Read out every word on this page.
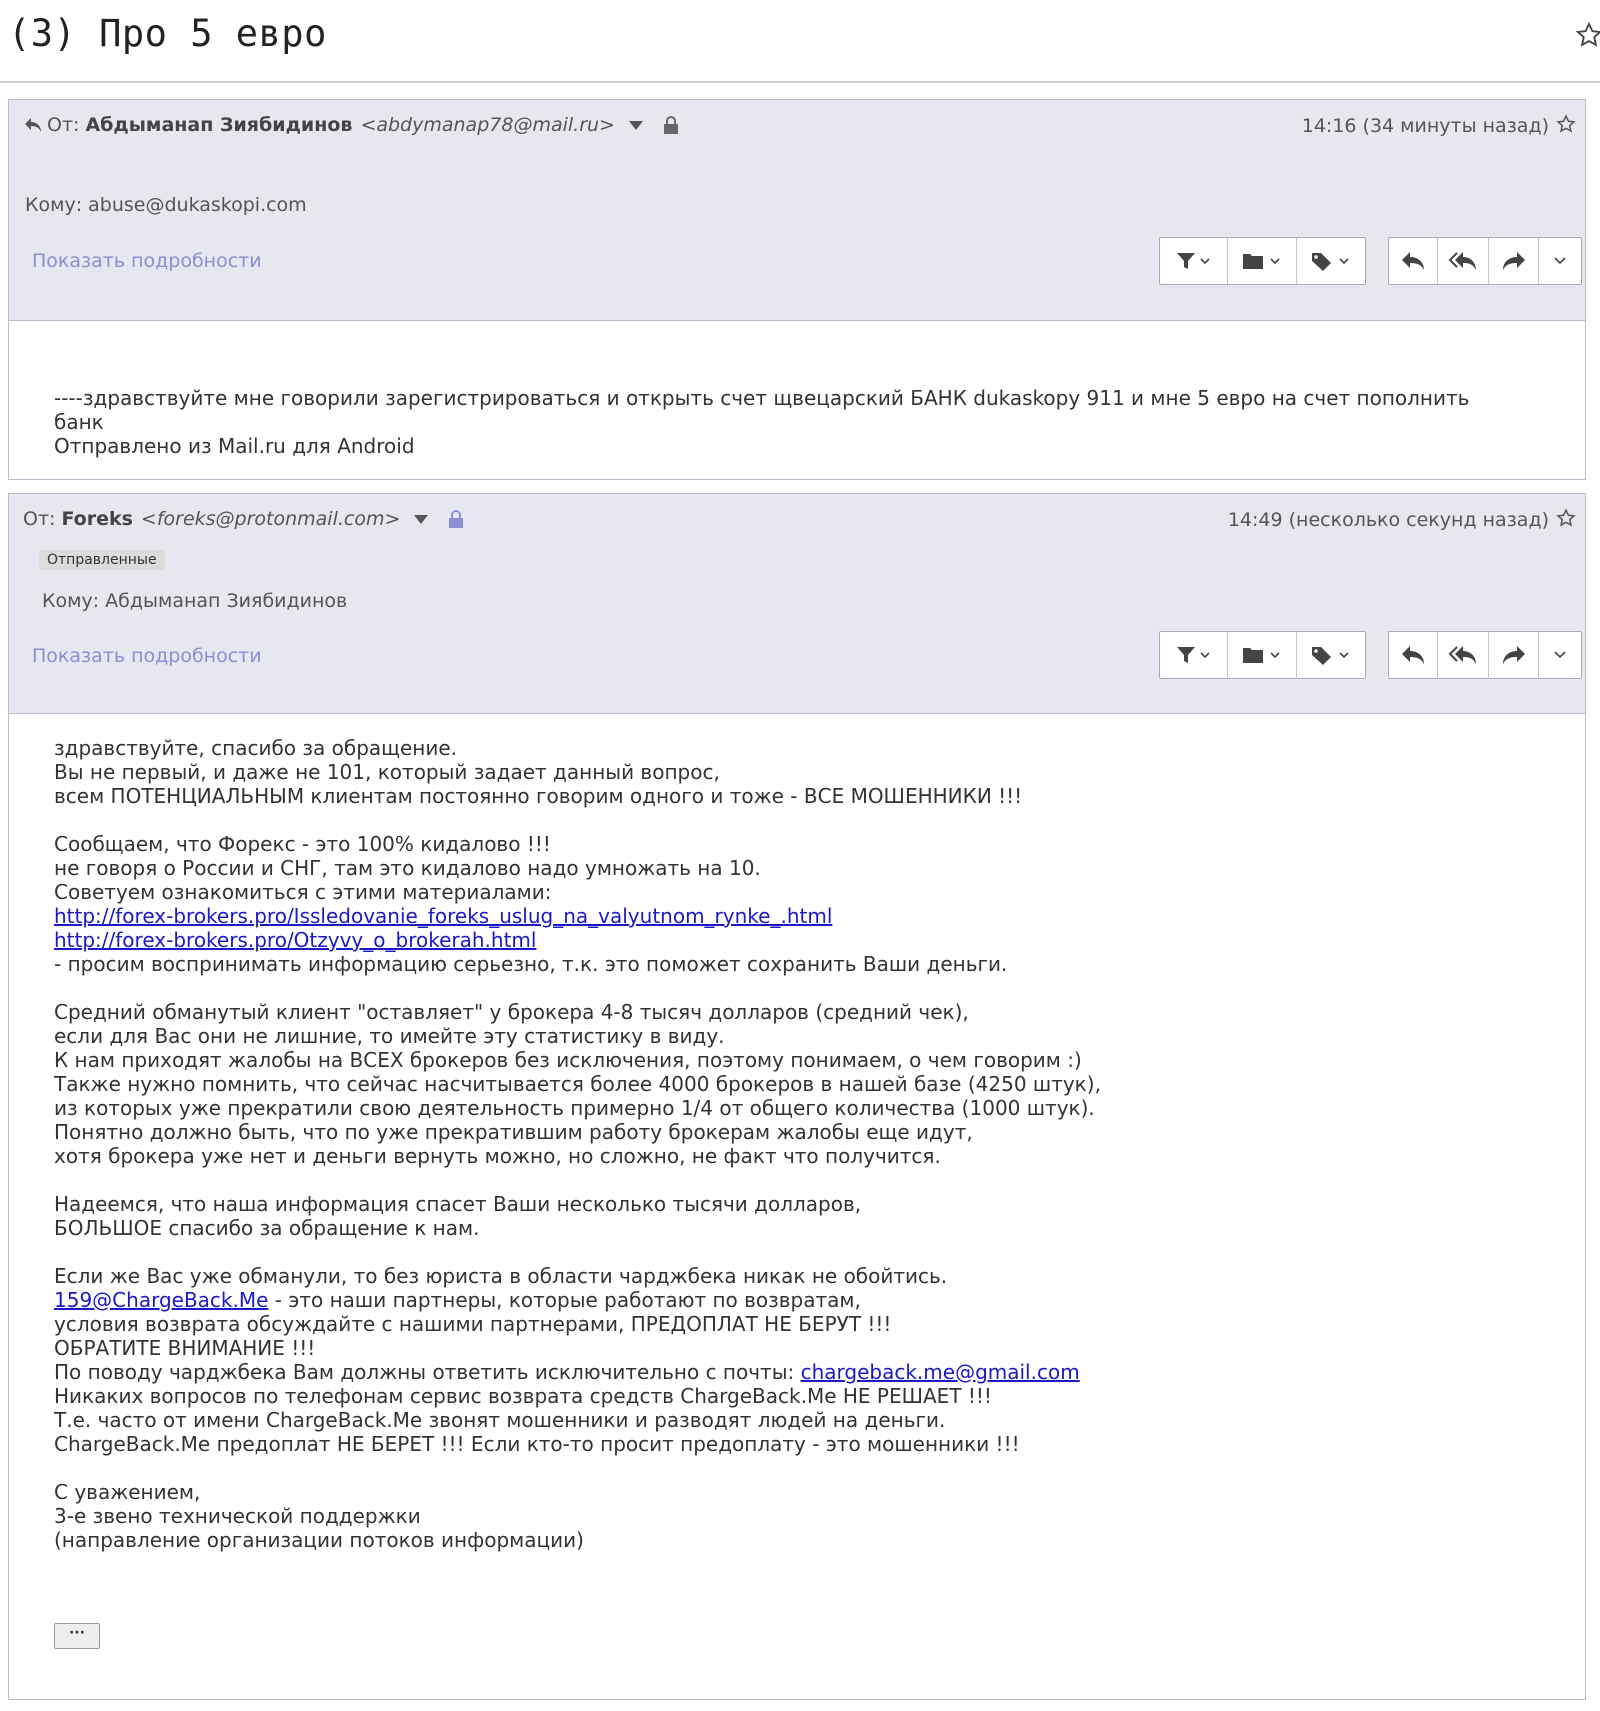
(3) Про 5 евро
От: Абдыманап Зиябидинов <abdymanap78@mail.ru>	14:16 (34 минуты назад)
Кому: abuse@dukaskopi.com
Показать подробности

----здравствуйте мне говорили зарегистрироваться и открыть счет щвецарский БАНК dukaskopy 911 и мне 5 евро на счет пополнить
банк
Отправлено из Mail.ru для Android
От: Foreks <foreks@protonmail.com>	14:49 (несколько секунд назад)
Отправленные
Кому: Абдыманап Зиябидинов
Показать подробности
здравствуйте, спасибо за обращение.
Вы не первый, и даже не 101, который задает данный вопрос,
всем ПОТЕНЦИАЛЬНЫМ клиентам постоянно говорим одного и тоже - ВСЕ МОШЕННИКИ !!!

Сообщаем, что Форекс - это 100% кидалово !!!
не говоря о России и СНГ, там это кидалово надо умножать на 10.
Советуем ознакомиться с этими материалами:
http://forex-brokers.pro/Issledovanie_foreks_uslug_na_valyutnom_rynke_.html
http://forex-brokers.pro/Otzyvy_o_brokerah.html
- просим воспринимать информацию серьезно, т.к. это поможет сохранить Ваши деньги.

Средний обманутый клиент "оставляет" у брокера 4-8 тысяч долларов (средний чек),
если для Вас они не лишние, то имейте эту статистику в виду.
К нам приходят жалобы на ВСЕХ брокеров без исключения, поэтому понимаем, о чем говорим :)
Также нужно помнить, что сейчас насчитывается более 4000 брокеров в нашей базе (4250 штук),
из которых уже прекратили свою деятельность примерно 1/4 от общего количества (1000 штук).
Понятно должно быть, что по уже прекратившим работу брокерам жалобы еще идут,
хотя брокера уже нет и деньги вернуть можно, но сложно, не факт что получится.

Надеемся, что наша информация спасет Ваши несколько тысячи долларов,
БОЛЬШОЕ спасибо за обращение к нам.

Если же Вас уже обманули, то без юриста в области чарджбека никак не обойтись.
159@ChargeBack.Me - это наши партнеры, которые работают по возвратам,
условия возврата обсуждайте с нашими партнерами, ПРЕДОПЛАТ НЕ БЕРУТ !!!
ОБРАТИТЕ ВНИМАНИЕ !!!
По поводу чарджбека Вам должны ответить исключительно с почты: chargeback.me@gmail.com
Никаких вопросов по телефонам сервис возврата средств ChargeBack.Me НЕ РЕШАЕТ !!!
Т.е. часто от имени ChargeBack.Me звонят мошенники и разводят людей на деньги.
ChargeBack.Me предоплат НЕ БЕРЕТ !!! Если кто-то просит предоплату - это мошенники !!!

С уважением,
3-е звено технической поддержки
(направление организации потоков информации)
···
